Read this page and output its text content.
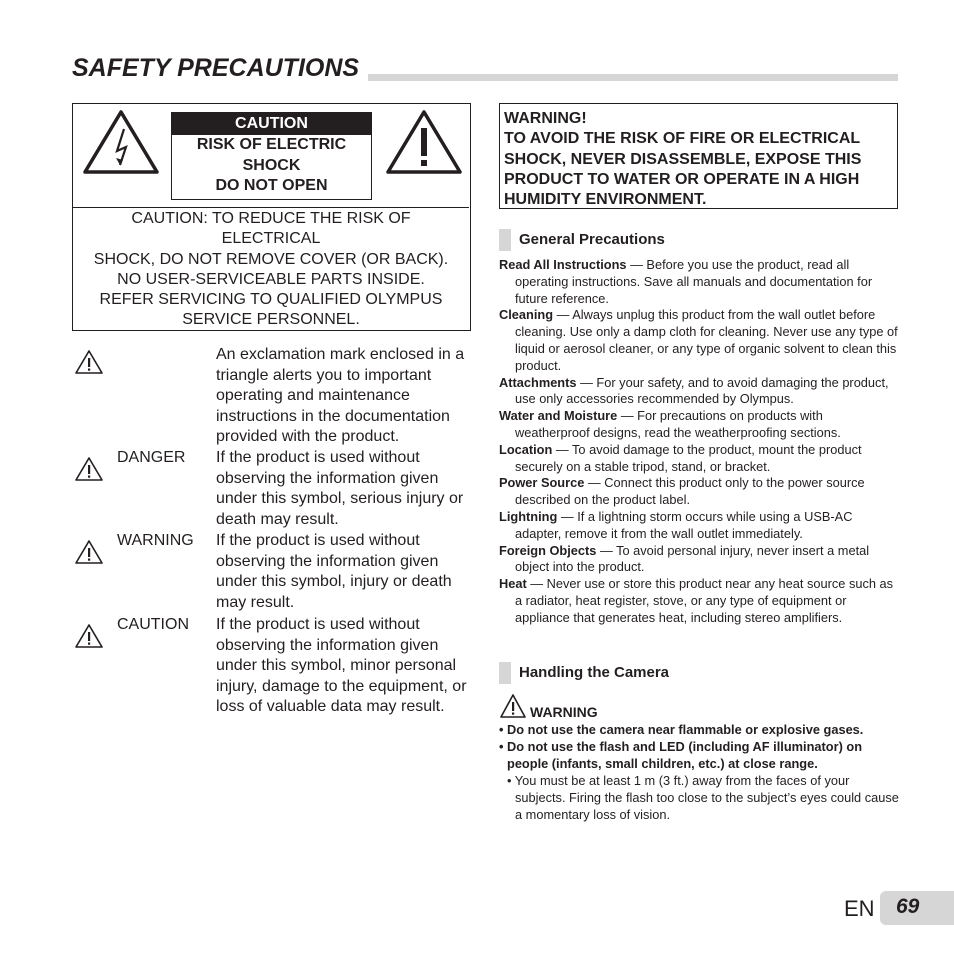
SAFETY PRECAUTIONS
CAUTION
RISK OF ELECTRIC
SHOCK
DO NOT OPEN
CAUTION: TO REDUCE THE RISK OF
ELECTRICAL
SHOCK, DO NOT REMOVE COVER (OR BACK).
NO USER-SERVICEABLE PARTS INSIDE.
REFER SERVICING TO QUALIFIED OLYMPUS
SERVICE PERSONNEL.
An exclamation mark enclosed in a triangle alerts you to important operating and maintenance instructions in the documentation provided with the product.
DANGER If the product is used without observing the information given under this symbol, serious injury or death may result.
WARNING If the product is used without observing the information given under this symbol, injury or death may result.
CAUTION If the product is used without observing the information given under this symbol, minor personal injury, damage to the equipment, or loss of valuable data may result.
WARNING!
TO AVOID THE RISK OF FIRE OR ELECTRICAL SHOCK, NEVER DISASSEMBLE, EXPOSE THIS PRODUCT TO WATER OR OPERATE IN A HIGH HUMIDITY ENVIRONMENT.
General Precautions
Read All Instructions — Before you use the product, read all operating instructions. Save all manuals and documentation for future reference.
Cleaning — Always unplug this product from the wall outlet before cleaning. Use only a damp cloth for cleaning. Never use any type of liquid or aerosol cleaner, or any type of organic solvent to clean this product.
Attachments — For your safety, and to avoid damaging the product, use only accessories recommended by Olympus.
Water and Moisture — For precautions on products with weatherproof designs, read the weatherproofing sections.
Location — To avoid damage to the product, mount the product securely on a stable tripod, stand, or bracket.
Power Source — Connect this product only to the power source described on the product label.
Lightning — If a lightning storm occurs while using a USB-AC adapter, remove it from the wall outlet immediately.
Foreign Objects — To avoid personal injury, never insert a metal object into the product.
Heat — Never use or store this product near any heat source such as a radiator, heat register, stove, or any type of equipment or appliance that generates heat, including stereo amplifiers.
Handling the Camera
WARNING
• Do not use the camera near flammable or explosive gases.
• Do not use the flash and LED (including AF illuminator) on people (infants, small children, etc.) at close range.
• You must be at least 1 m (3 ft.) away from the faces of your subjects. Firing the flash too close to the subject’s eyes could cause a momentary loss of vision.
EN 69
